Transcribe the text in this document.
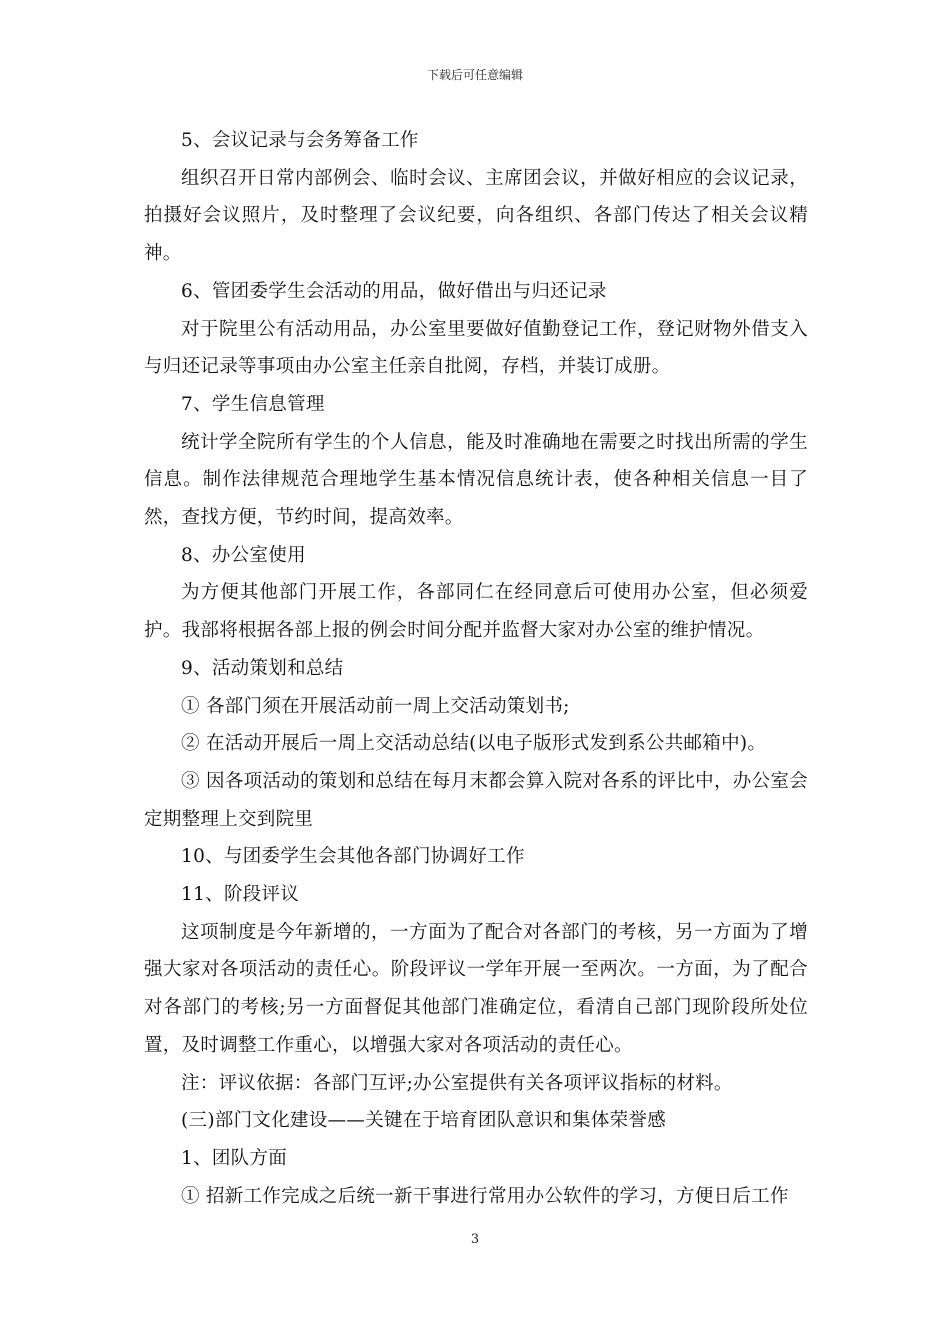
下载后可任意编辑

5、会议记录与会务筹备工作

组织召开日常内部例会、临时会议、主席团会议，并做好相应的会议记录，拍摄好会议照片，及时整理了会议纪要，向各组织、各部门传达了相关会议精神。

6、管团委学生会活动的用品，做好借出与归还记录

对于院里公有活动用品，办公室里要做好值勤登记工作，登记财物外借支入与归还记录等事项由办公室主任亲自批阅，存档，并装订成册。

7、学生信息管理

统计学全院所有学生的个人信息，能及时准确地在需要之时找出所需的学生信息。制作法律规范合理地学生基本情况信息统计表，使各种相关信息一目了然，查找方便，节约时间，提高效率。

8、办公室使用

为方便其他部门开展工作，各部同仁在经同意后可使用办公室，但必须爱护。我部将根据各部上报的例会时间分配并监督大家对办公室的维护情况。

9、活动策划和总结

① 各部门须在开展活动前一周上交活动策划书;

② 在活动开展后一周上交活动总结(以电子版形式发到系公共邮箱中)。

③ 因各项活动的策划和总结在每月末都会算入院对各系的评比中，办公室会定期整理上交到院里

10、与团委学生会其他各部门协调好工作

11、阶段评议

这项制度是今年新增的，一方面为了配合对各部门的考核，另一方面为了增强大家对各项活动的责任心。阶段评议一学年开展一至两次。一方面，为了配合对各部门的考核;另一方面督促其他部门准确定位，看清自己部门现阶段所处位置，及时调整工作重心，以增强大家对各项活动的责任心。

注：评议依据：各部门互评;办公室提供有关各项评议指标的材料。

(三)部门文化建设——关键在于培育团队意识和集体荣誉感

1、团队方面

① 招新工作完成之后统一新干事进行常用办公软件的学习，方便日后工作

3
